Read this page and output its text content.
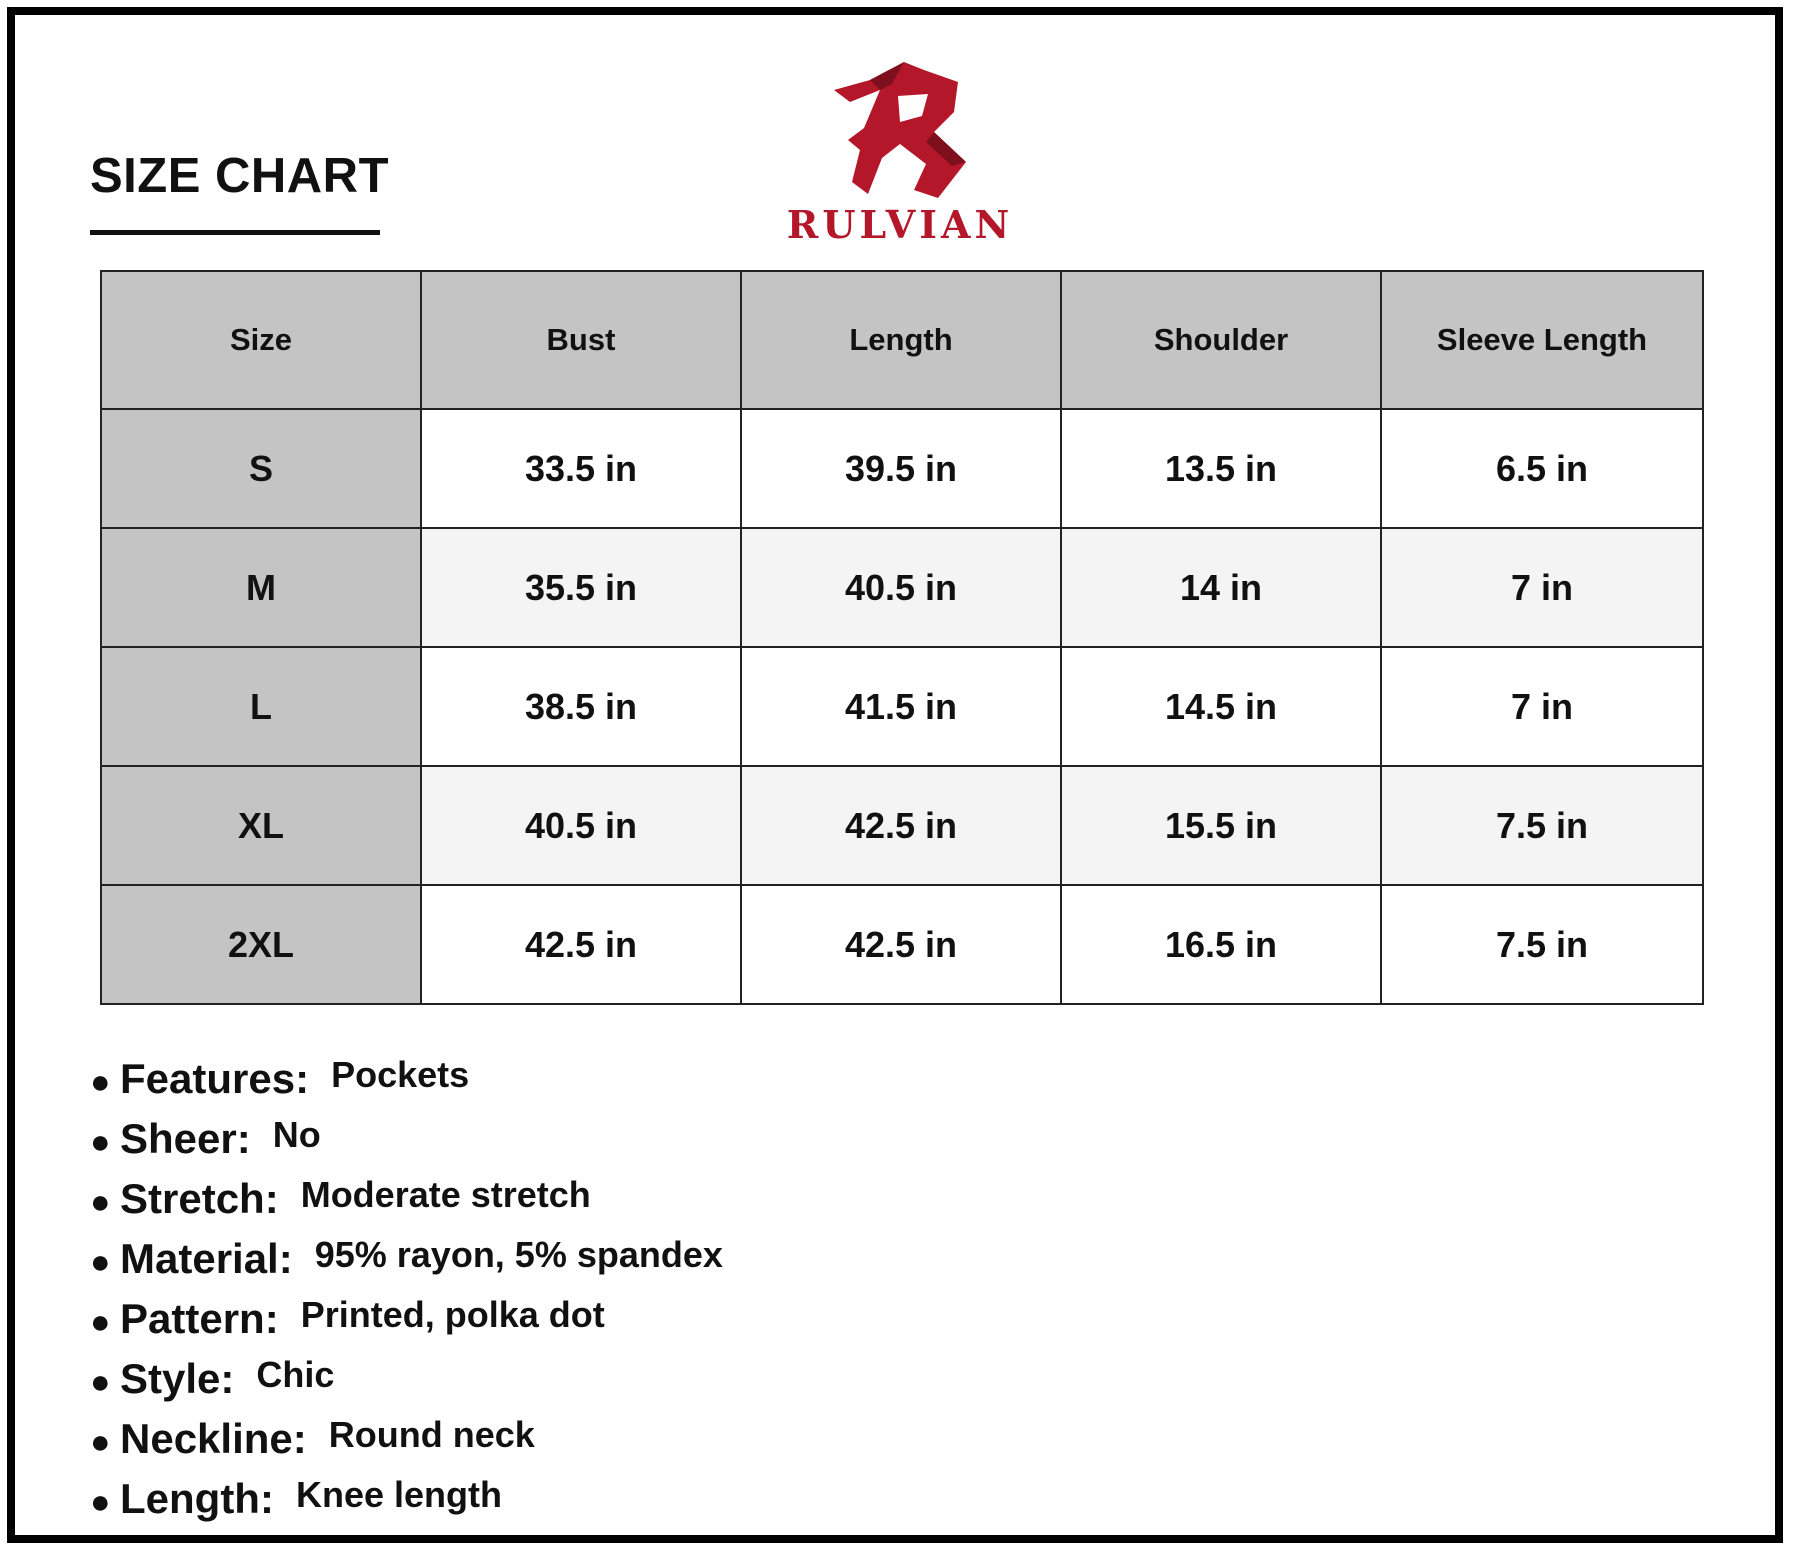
SIZE CHART
RULVIAN
Size	Bust	Length	Shoulder	Sleeve Length
S	33.5 in	39.5 in	13.5 in	6.5 in
M	35.5 in	40.5 in	14 in	7 in
L	38.5 in	41.5 in	14.5 in	7 in
XL	40.5 in	42.5 in	15.5 in	7.5 in
2XL	42.5 in	42.5 in	16.5 in	7.5 in
● Features: Pockets
● Sheer: No
● Stretch: Moderate stretch
● Material: 95% rayon, 5% spandex
● Pattern: Printed, polka dot
● Style: Chic
● Neckline: Round neck
● Length: Knee length
